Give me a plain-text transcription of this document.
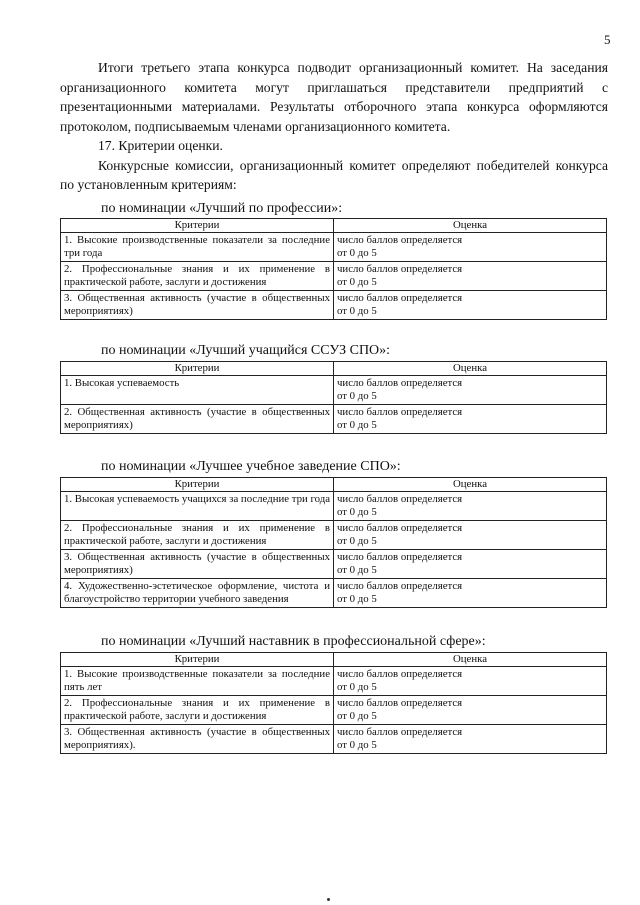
5

Итоги третьего этапа конкурса подводит организационный комитет. На заседания организационного комитета могут приглашаться представители предприятий с презентационными материалами. Результаты отборочного этапа конкурса оформляются протоколом, подписываемым членами организационного комитета.

17. Критерии оценки.

Конкурсные комиссии, организационный комитет определяют победителей конкурса по установленным критериям:

по номинации «Лучший по профессии»:
Критерии	Оценка
1. Высокие производственные показатели за последние три года	число баллов определяется
от 0 до 5
2. Профессиональные знания и их применение в практической работе, заслуги и достижения	число баллов определяется
от 0 до 5
3. Общественная активность (участие в общественных мероприятиях)	число баллов определяется
от 0 до 5
по номинации «Лучший учащийся ССУЗ СПО»:
Критерии	Оценка
1. Высокая успеваемость	число баллов определяется
от 0 до 5
2. Общественная активность (участие в общественных мероприятиях)	число баллов определяется
от 0 до 5
по номинации «Лучшее учебное заведение СПО»:
Критерии	Оценка
1. Высокая успеваемость учащихся за последние три года	число баллов определяется
от 0 до 5
2. Профессиональные знания и их применение в практической работе, заслуги и достижения	число баллов определяется
от 0 до 5
3. Общественная активность (участие в общественных мероприятиях)	число баллов определяется
от 0 до 5
4. Художественно-эстетическое оформление, чистота и благоустройство территории учебного заведения	число баллов определяется
от 0 до 5
по номинации «Лучший наставник в профессиональной сфере»:
Критерии	Оценка
1. Высокие производственные показатели за последние пять лет	число баллов определяется
от 0 до 5
2. Профессиональные знания и их применение в практической работе, заслуги и достижения	число баллов определяется
от 0 до 5
3. Общественная активность (участие в общественных мероприятиях).	число баллов определяется
от 0 до 5
